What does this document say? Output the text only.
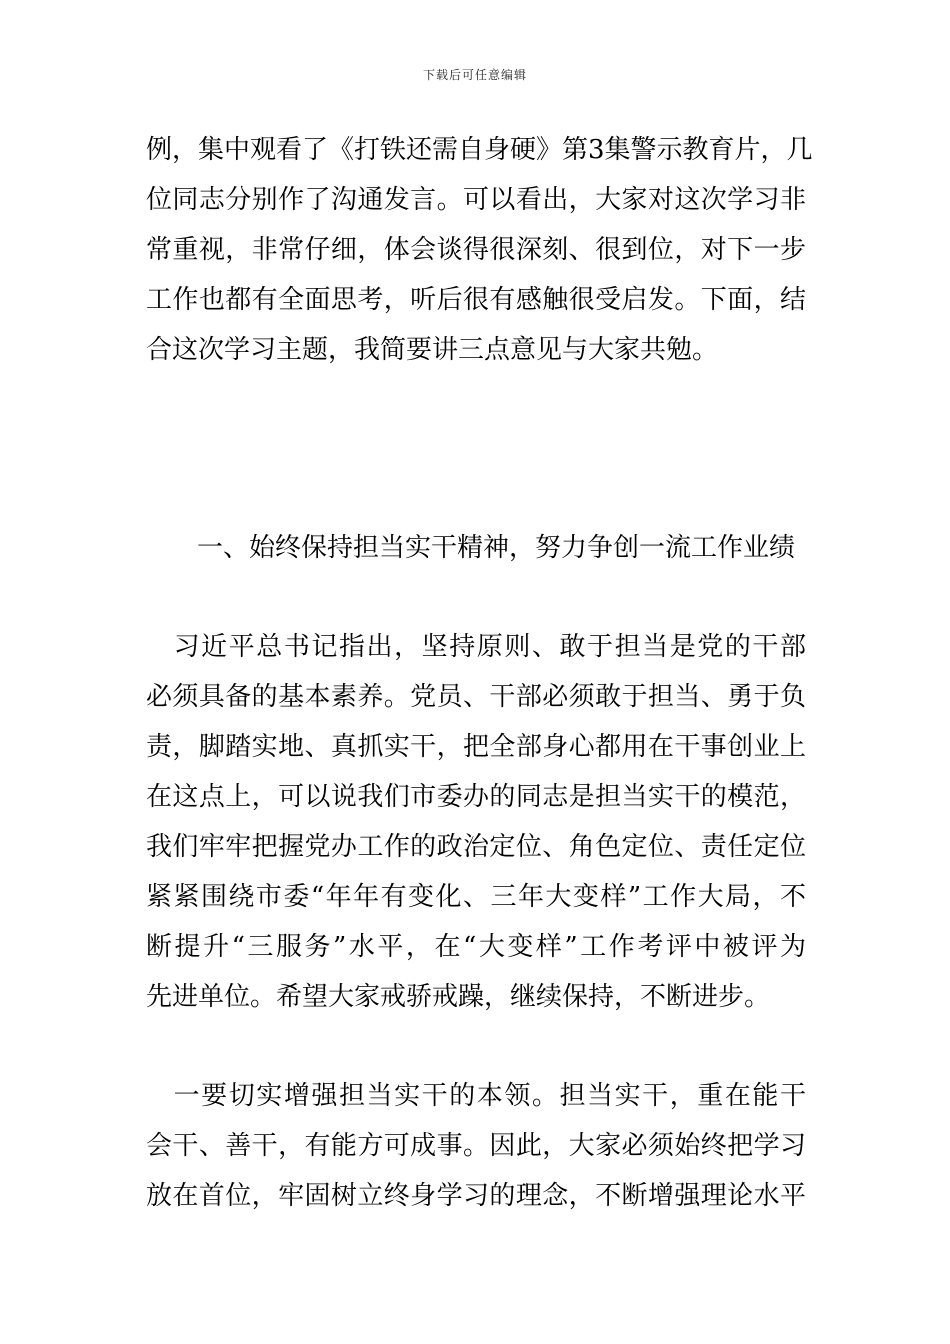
下载后可任意编辑
例，集中观看了《打铁还需自身硬》第3集警示教育片，几
位同志分别作了沟通发言。可以看出，大家对这次学习非
常重视，非常仔细，体会谈得很深刻、很到位，对下一步
工作也都有全面思考，听后很有感触很受启发。下面，结
合这次学习主题，我简要讲三点意见与大家共勉。
一、始终保持担当实干精神，努力争创一流工作业绩
　习近平总书记指出，坚持原则、敢于担当是党的干部
必须具备的基本素养。党员、干部必须敢于担当、勇于负
责，脚踏实地、真抓实干，把全部身心都用在干事创业上
在这点上，可以说我们市委办的同志是担当实干的模范，
我们牢牢把握党办工作的政治定位、角色定位、责任定位
紧紧围绕市委“年年有变化、三年大变样”工作大局，不
断提升“三服务”水平，在“大变样”工作考评中被评为
先进单位。希望大家戒骄戒躁，继续保持，不断进步。
　一要切实增强担当实干的本领。担当实干，重在能干
会干、善干，有能方可成事。因此，大家必须始终把学习
放在首位，牢固树立终身学习的理念，不断增强理论水平
